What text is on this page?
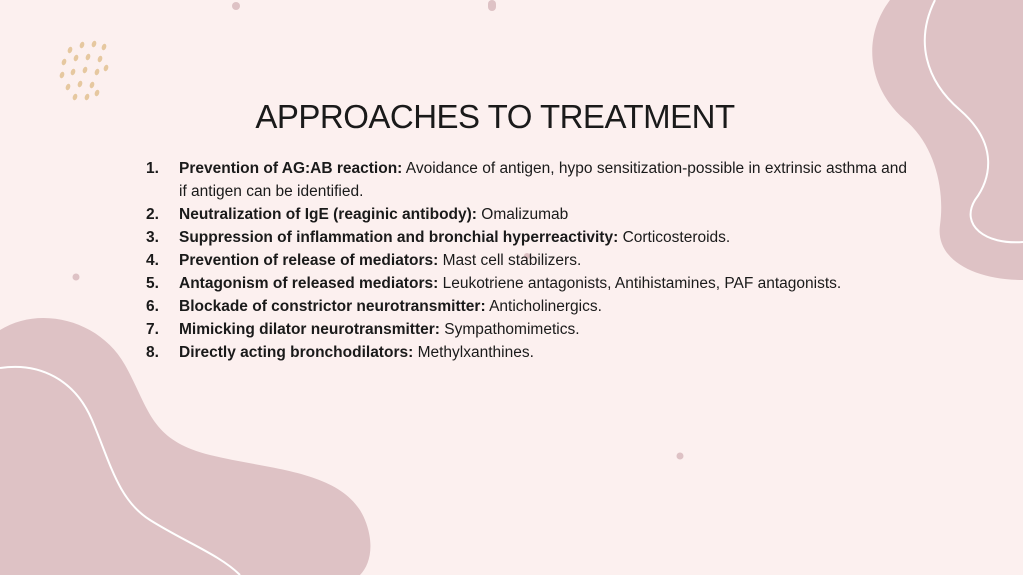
APPROACHES TO TREATMENT
1.	Prevention of AG:AB reaction: Avoidance of antigen, hypo sensitization-possible in extrinsic asthma and if antigen can be identified.
2.	Neutralization of IgE (reaginic antibody): Omalizumab
3.	Suppression of inflammation and bronchial hyperreactivity: Corticosteroids.
4.	Prevention of release of mediators: Mast cell stabilizers.
5.	Antagonism of released mediators: Leukotriene antagonists, Antihistamines, PAF antagonists.
6.	Blockade of constrictor neurotransmitter: Anticholinergics.
7.	Mimicking dilator neurotransmitter: Sympathomimetics.
8.	Directly acting bronchodilators: Methylxanthines.
